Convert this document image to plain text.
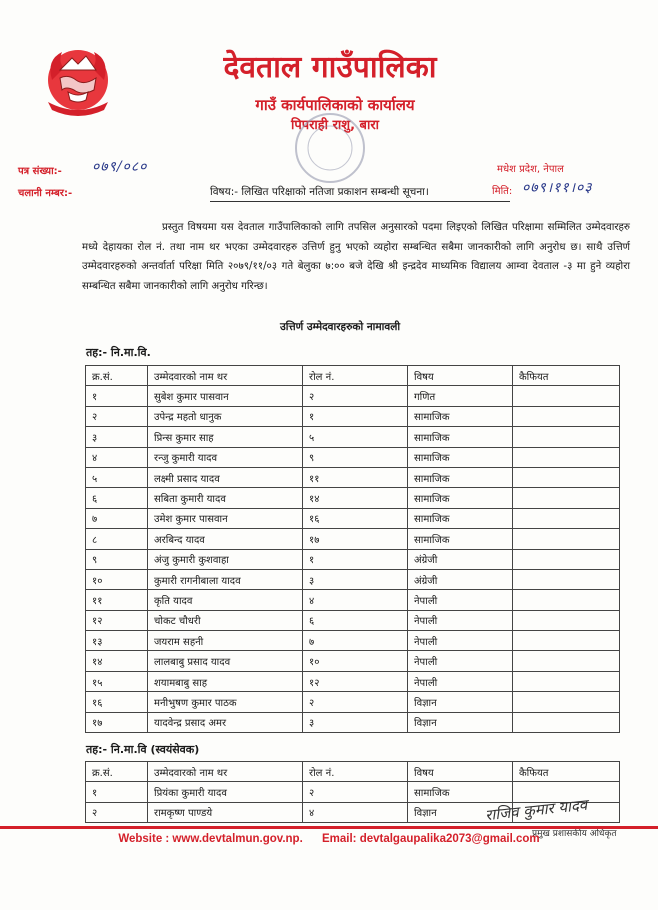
देवताल गाउँपालिका
गाउँ कार्यपालिकाको कार्यालय
पिपराही राशु, बारा
पत्र संख्या:- ०७९/०८०
चलानी नम्बर:-
मधेश प्रदेश, नेपाल
मिति: ०७९।११।०३
विषय:- लिखित परिक्षाको नतिजा प्रकाशन सम्बन्धी सूचना।
प्रस्तुत विषयमा यस देवताल गाउँपालिकाको लागि तपसिल अनुसारको पदमा लिइएको लिखित परिक्षामा सम्मिलित उम्मेदवारहरु मध्ये देहायका रोल नं. तथा नाम थर भएका उम्मेदवारहरु उत्तिर्ण हुनु भएको व्यहोरा सम्बन्धित सबैमा जानकारीको लागि अनुरोध छ। साथै उत्तिर्ण उम्मेदवारहरुको अन्तर्वार्ता परिक्षा मिति २०७९/११/०३ गते बेलुका ७:०० बजे देखि श्री इन्द्रदेव माध्यमिक विद्यालय आम्वा देवताल -३ मा हुने व्यहोरा सम्बन्धित सबैमा जानकारीको लागि अनुरोध गरिन्छ।
उत्तिर्ण उम्मेदवारहरुको नामावली
तह:- नि.मा.वि.
क्र.सं.	उम्मेदवारको नाम थर	रोल नं.	विषय	कैफियत
१	सुबेश कुमार पासवान	२	गणित	
२	उपेन्द्र महतो धानुक	१	सामाजिक	
३	प्रिन्स कुमार साह	५	सामाजिक	
४	रन्जु कुमारी यादव	९	सामाजिक	
५	लक्ष्मी प्रसाद यादव	११	सामाजिक	
६	सबिता कुमारी यादव	१४	सामाजिक	
७	उमेश कुमार पासवान	१६	सामाजिक	
८	अरबिन्द यादव	१७	सामाजिक	
९	अंजु कुमारी कुशवाहा	१	अंग्रेजी	
१०	कुमारी रागनीबाला यादव	३	अंग्रेजी	
११	कृति यादव	४	नेपाली	
१२	चोकट चौधरी	६	नेपाली	
१३	जयराम सहनी	७	नेपाली	
१४	लालबाबु प्रसाद यादव	१०	नेपाली	
१५	शयामबाबु साह	१२	नेपाली	
१६	मनीभुषण कुमार पाठक	२	विज्ञान	
१७	यादवेन्द्र प्रसाद अमर	३	विज्ञान	
तह:- नि.मा.वि (स्वयंसेवक)
क्र.सं.	उम्मेदवारको नाम थर	रोल नं.	विषय	कैफियत
१	प्रियंका कुमारी यादव	२	सामाजिक	
२	रामकृष्ण पाण्डये	४	विज्ञान		राजिव कुमार यादव
प्रमुख प्रशासकीय अधिकृत
Website : www.devtalmun.gov.np. Email: devtalgaupalika2073@gmail.com
